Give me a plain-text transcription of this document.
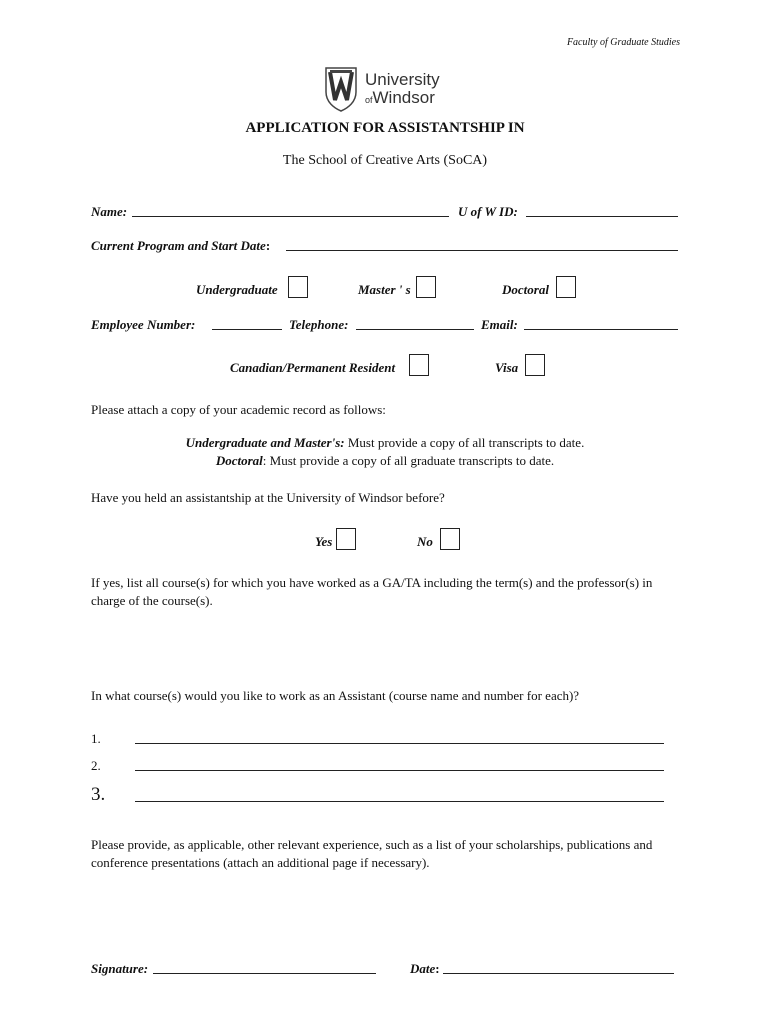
Faculty of Graduate Studies
University
ofWindsor
APPLICATION FOR ASSISTANTSHIP IN
The School of Creative Arts (SoCA)
Name:	U of W ID:
Current Program and Start Date:
Undergraduate	Master ' s	Doctoral
Employee Number:	Telephone:	Email:
Canadian/Permanent Resident	Visa
Please attach a copy of your academic record as follows:
Undergraduate and Master's: Must provide a copy of all transcripts to date.
Doctoral: Must provide a copy of all graduate transcripts to date.
Have you held an assistantship at the University of Windsor before?
Yes	No
If yes, list all course(s) for which you have worked as a GA/TA including the term(s) and the professor(s) in
charge of the course(s).
In what course(s) would you like to work as an Assistant (course name and number for each)?
1.
2.
3.
Please provide, as applicable, other relevant experience, such as a list of your scholarships, publications and
conference presentations (attach an additional page if necessary).
Signature:	Date:
